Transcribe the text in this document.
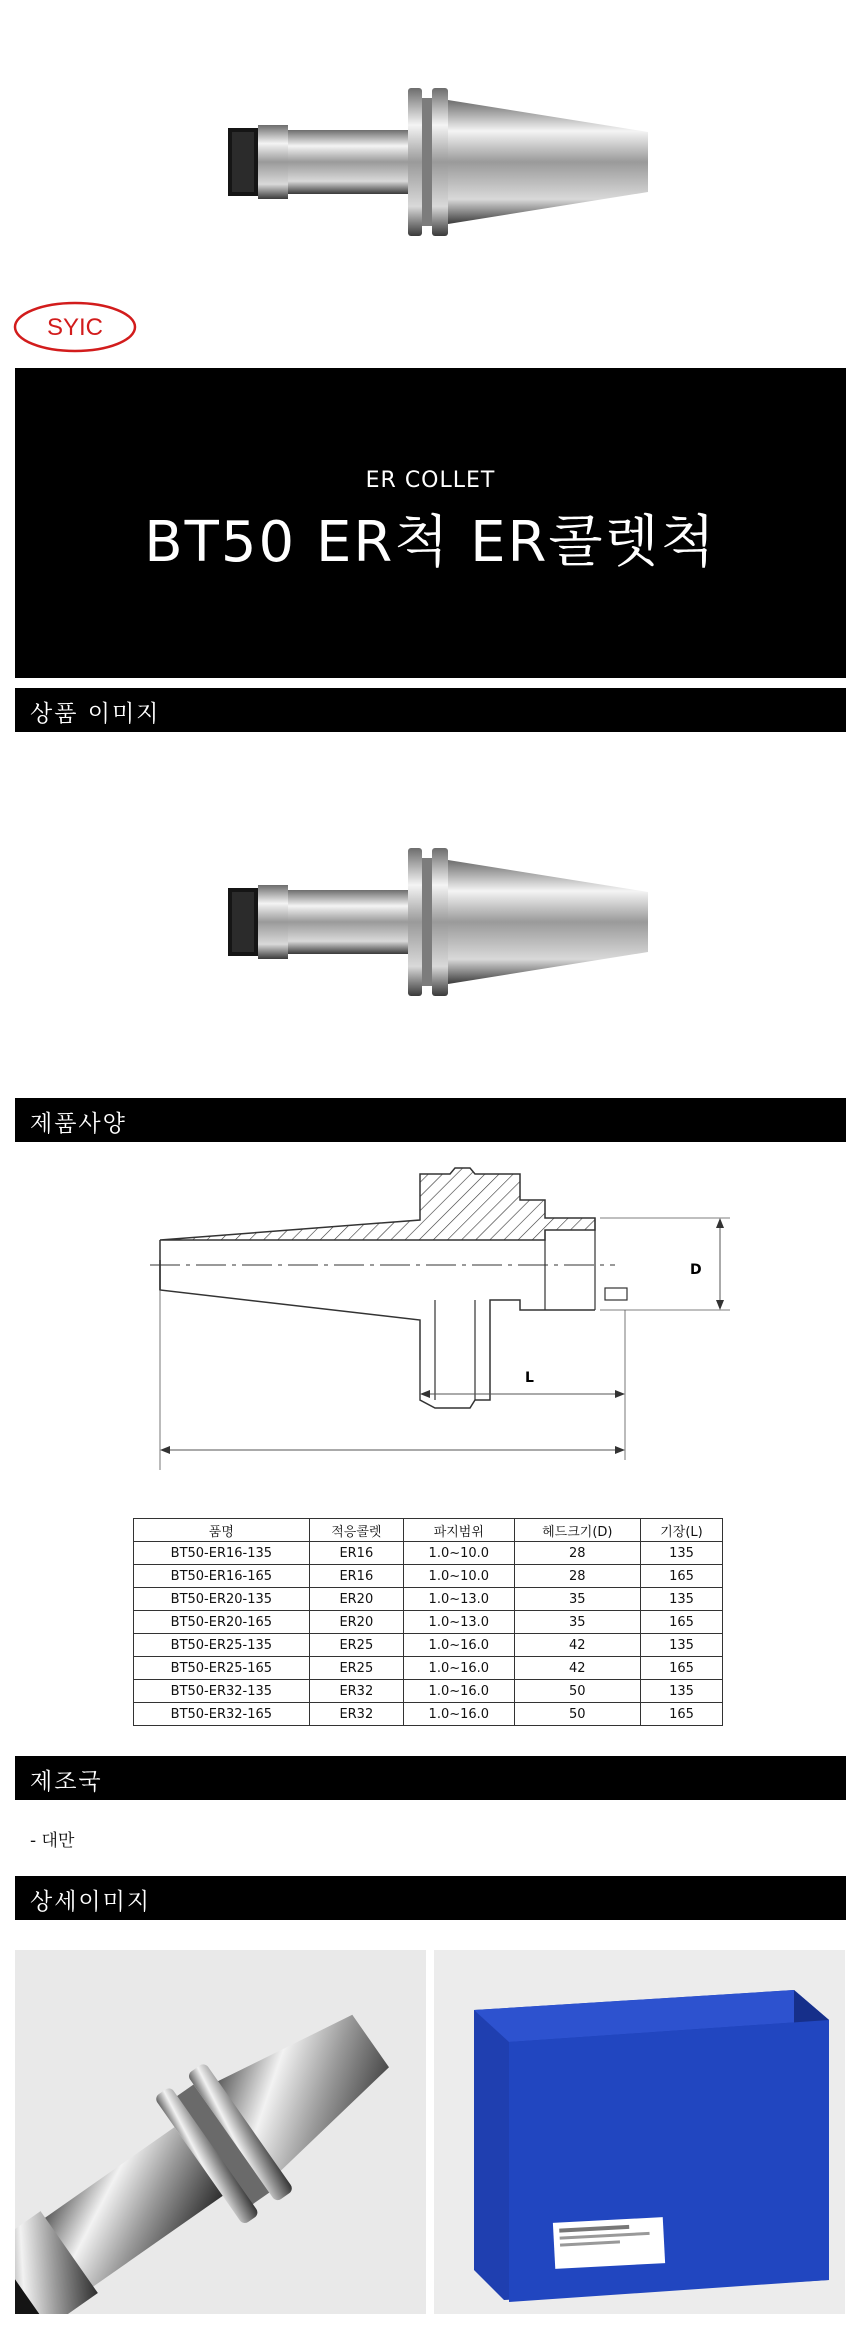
SYIC
ER COLLET
BT50 ER척 ER콜렛척
상품 이미지
제품사양
D
L
품명	적응콜렛	파지범위	헤드크기(D)	기장(L)
BT50-ER16-135	ER16	1.0~10.0	28	135
BT50-ER16-165	ER16	1.0~10.0	28	165
BT50-ER20-135	ER20	1.0~13.0	35	135
BT50-ER20-165	ER20	1.0~13.0	35	165
BT50-ER25-135	ER25	1.0~16.0	42	135
BT50-ER25-165	ER25	1.0~16.0	42	165
BT50-ER32-135	ER32	1.0~16.0	50	135
BT50-ER32-165	ER32	1.0~16.0	50	165
제조국
- 대만
상세이미지
